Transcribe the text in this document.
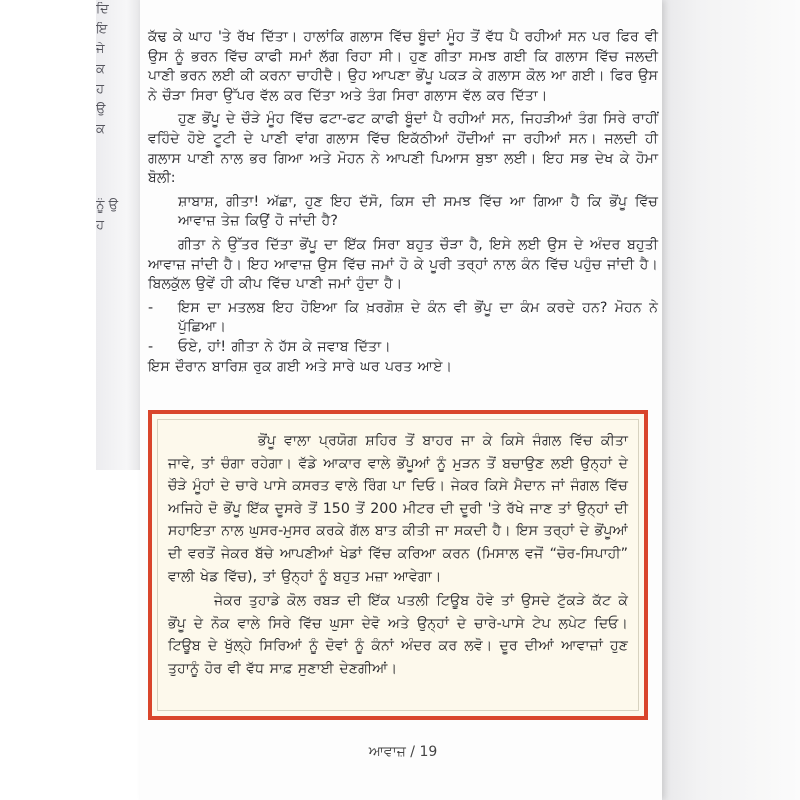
ਦਿ
ਇ
ਜੇ
ਕ
ਹ
ਉ
ਕ
ਨੂੰ ਉ
ਹ

ਕੱਢ ਕੇ ਘਾਹ 'ਤੇ ਰੱਖ ਦਿੱਤਾ। ਹਾਲਾਂਕਿ ਗਲਾਸ ਵਿੱਚ ਬੂੰਦਾਂ ਮੂੰਹ ਤੋਂ ਵੱਧ ਪੈ ਰਹੀਆਂ ਸਨ ਪਰ ਫਿਰ ਵੀ ਉਸ ਨੂੰ ਭਰਨ ਵਿੱਚ ਕਾਫੀ ਸਮਾਂ ਲੱਗ ਰਿਹਾ ਸੀ। ਹੁਣ ਗੀਤਾ ਸਮਝ ਗਈ ਕਿ ਗਲਾਸ ਵਿੱਚ ਜਲਦੀ ਪਾਣੀ ਭਰਨ ਲਈ ਕੀ ਕਰਨਾ ਚਾਹੀਦੈ। ਉਹ ਆਪਣਾ ਭੋਂਪੂ ਪਕੜ ਕੇ ਗਲਾਸ ਕੋਲ ਆ ਗਈ। ਫਿਰ ਉਸ ਨੇ ਚੌੜਾ ਸਿਰਾ ਉੱਪਰ ਵੱਲ ਕਰ ਦਿੱਤਾ ਅਤੇ ਤੰਗ ਸਿਰਾ ਗਲਾਸ ਵੱਲ ਕਰ ਦਿੱਤਾ।

ਹੁਣ ਭੋਂਪੂ ਦੇ ਚੌੜੇ ਮੂੰਹ ਵਿੱਚ ਫਟਾ-ਫਟ ਕਾਫੀ ਬੂੰਦਾਂ ਪੈ ਰਹੀਆਂ ਸਨ, ਜਿਹੜੀਆਂ ਤੰਗ ਸਿਰੇ ਰਾਹੀਂ ਵਹਿੰਦੇ ਹੋਏ ਟੂਟੀ ਦੇ ਪਾਣੀ ਵਾਂਗ ਗਲਾਸ ਵਿੱਚ ਇਕੱਠੀਆਂ ਹੋਂਦੀਆਂ ਜਾ ਰਹੀਆਂ ਸਨ। ਜਲਦੀ ਹੀ ਗਲਾਸ ਪਾਣੀ ਨਾਲ ਭਰ ਗਿਆ ਅਤੇ ਮੋਹਨ ਨੇ ਆਪਣੀ ਪਿਆਸ ਬੁਝਾ ਲਈ। ਇਹ ਸਭ ਦੇਖ ਕੇ ਹੋਮਾ ਬੋਲੀ:

ਸ਼ਾਬਾਸ਼, ਗੀਤਾ! ਅੱਛਾ, ਹੁਣ ਇਹ ਦੱਸੋ, ਕਿਸ ਦੀ ਸਮਝ ਵਿੱਚ ਆ ਗਿਆ ਹੈ ਕਿ ਭੋਂਪੂ ਵਿੱਚ ਆਵਾਜ਼ ਤੇਜ਼ ਕਿਉਂ ਹੋ ਜਾਂਦੀ ਹੈ?

ਗੀਤਾ ਨੇ ਉੱਤਰ ਦਿੱਤਾ ਭੋਂਪੂ ਦਾ ਇੱਕ ਸਿਰਾ ਬਹੁਤ ਚੌੜਾ ਹੈ, ਇਸੇ ਲਈ ਉਸ ਦੇ ਅੰਦਰ ਬਹੁਤੀ ਆਵਾਜ਼ ਜਾਂਦੀ ਹੈ। ਇਹ ਆਵਾਜ਼ ਉਸ ਵਿੱਚ ਜਮਾਂ ਹੋ ਕੇ ਪੂਰੀ ਤਰ੍ਹਾਂ ਨਾਲ ਕੰਨ ਵਿੱਚ ਪਹੁੰਚ ਜਾਂਦੀ ਹੈ। ਬਿਲਕੁੱਲ ਉਵੇਂ ਹੀ ਕੀਪ ਵਿੱਚ ਪਾਣੀ ਜਮਾਂ ਹੁੰਦਾ ਹੈ।

-	ਇਸ ਦਾ ਮਤਲਬ ਇਹ ਹੋਇਆ ਕਿ ਖ਼ਰਗੋਸ਼ ਦੇ ਕੰਨ ਵੀ ਭੋਂਪੂ ਦਾ ਕੰਮ ਕਰਦੇ ਹਨ? ਮੋਹਨ ਨੇ ਪੁੱਛਿਆ।
-	ਓਏ, ਹਾਂ! ਗੀਤਾ ਨੇ ਹੱਸ ਕੇ ਜਵਾਬ ਦਿੱਤਾ।

ਇਸ ਦੌਰਾਨ ਬਾਰਿਸ਼ ਰੁਕ ਗਈ ਅਤੇ ਸਾਰੇ ਘਰ ਪਰਤ ਆਏ।

ਭੋਂਪੂ ਵਾਲਾ ਪ੍ਰਯੋਗ ਸ਼ਹਿਰ ਤੋਂ ਬਾਹਰ ਜਾ ਕੇ ਕਿਸੇ ਜੰਗਲ ਵਿੱਚ ਕੀਤਾ ਜਾਵੇ, ਤਾਂ ਚੰਗਾ ਰਹੇਗਾ। ਵੱਡੇ ਆਕਾਰ ਵਾਲੇ ਭੋਂਪੂਆਂ ਨੂੰ ਮੁੜਨ ਤੋਂ ਬਚਾਉਣ ਲਈ ਉਨ੍ਹਾਂ ਦੇ ਚੌੜੇ ਮੂੰਹਾਂ ਦੇ ਚਾਰੇ ਪਾਸੇ ਕਸਰਤ ਵਾਲੇ ਰਿੰਗ ਪਾ ਦਿਓ। ਜੇਕਰ ਕਿਸੇ ਮੈਦਾਨ ਜਾਂ ਜੰਗਲ ਵਿੱਚ ਅਜਿਹੇ ਦੋ ਭੋਂਪੂ ਇੱਕ ਦੂਸਰੇ ਤੋਂ 150 ਤੋਂ 200 ਮੀਟਰ ਦੀ ਦੂਰੀ 'ਤੇ ਰੱਖੇ ਜਾਣ ਤਾਂ ਉਨ੍ਹਾਂ ਦੀ ਸਹਾਇਤਾ ਨਾਲ ਘੁਸਰ-ਮੁਸਰ ਕਰਕੇ ਗੱਲ ਬਾਤ ਕੀਤੀ ਜਾ ਸਕਦੀ ਹੈ। ਇਸ ਤਰ੍ਹਾਂ ਦੇ ਭੋਂਪੂਆਂ ਦੀ ਵਰਤੋਂ ਜੇਕਰ ਬੱਚੇ ਆਪਣੀਆਂ ਖੇਡਾਂ ਵਿੱਚ ਕਰਿਆ ਕਰਨ (ਮਿਸਾਲ ਵਜੋਂ “ਚੋਰ-ਸਿਪਾਹੀ” ਵਾਲੀ ਖੇਡ ਵਿੱਚ), ਤਾਂ ਉਨ੍ਹਾਂ ਨੂੰ ਬਹੁਤ ਮਜ਼ਾ ਆਵੇਗਾ।

ਜੇਕਰ ਤੁਹਾਡੇ ਕੋਲ ਰਬੜ ਦੀ ਇੱਕ ਪਤਲੀ ਟਿਊਬ ਹੋਵੇ ਤਾਂ ਉਸਦੇ ਟੁੱਕੜੇ ਕੱਟ ਕੇ ਭੋਂਪੂ ਦੇ ਨੋਕ ਵਾਲੇ ਸਿਰੇ ਵਿੱਚ ਘੁਸਾ ਦੇਵੋ ਅਤੇ ਉਨ੍ਹਾਂ ਦੇ ਚਾਰੇ-ਪਾਸੇ ਟੇਪ ਲਪੇਟ ਦਿਓ। ਟਿਊਬ ਦੇ ਖੁੱਲ੍ਹੇ ਸਿਰਿਆਂ ਨੂੰ ਦੋਵਾਂ ਨੂੰ ਕੰਨਾਂ ਅੰਦਰ ਕਰ ਲਵੋ। ਦੂਰ ਦੀਆਂ ਆਵਾਜ਼ਾਂ ਹੁਣ ਤੁਹਾਨੂੰ ਹੋਰ ਵੀ ਵੱਧ ਸਾਫ਼ ਸੁਣਾਈ ਦੇਣਗੀਆਂ।

ਆਵਾਜ਼ / 19
